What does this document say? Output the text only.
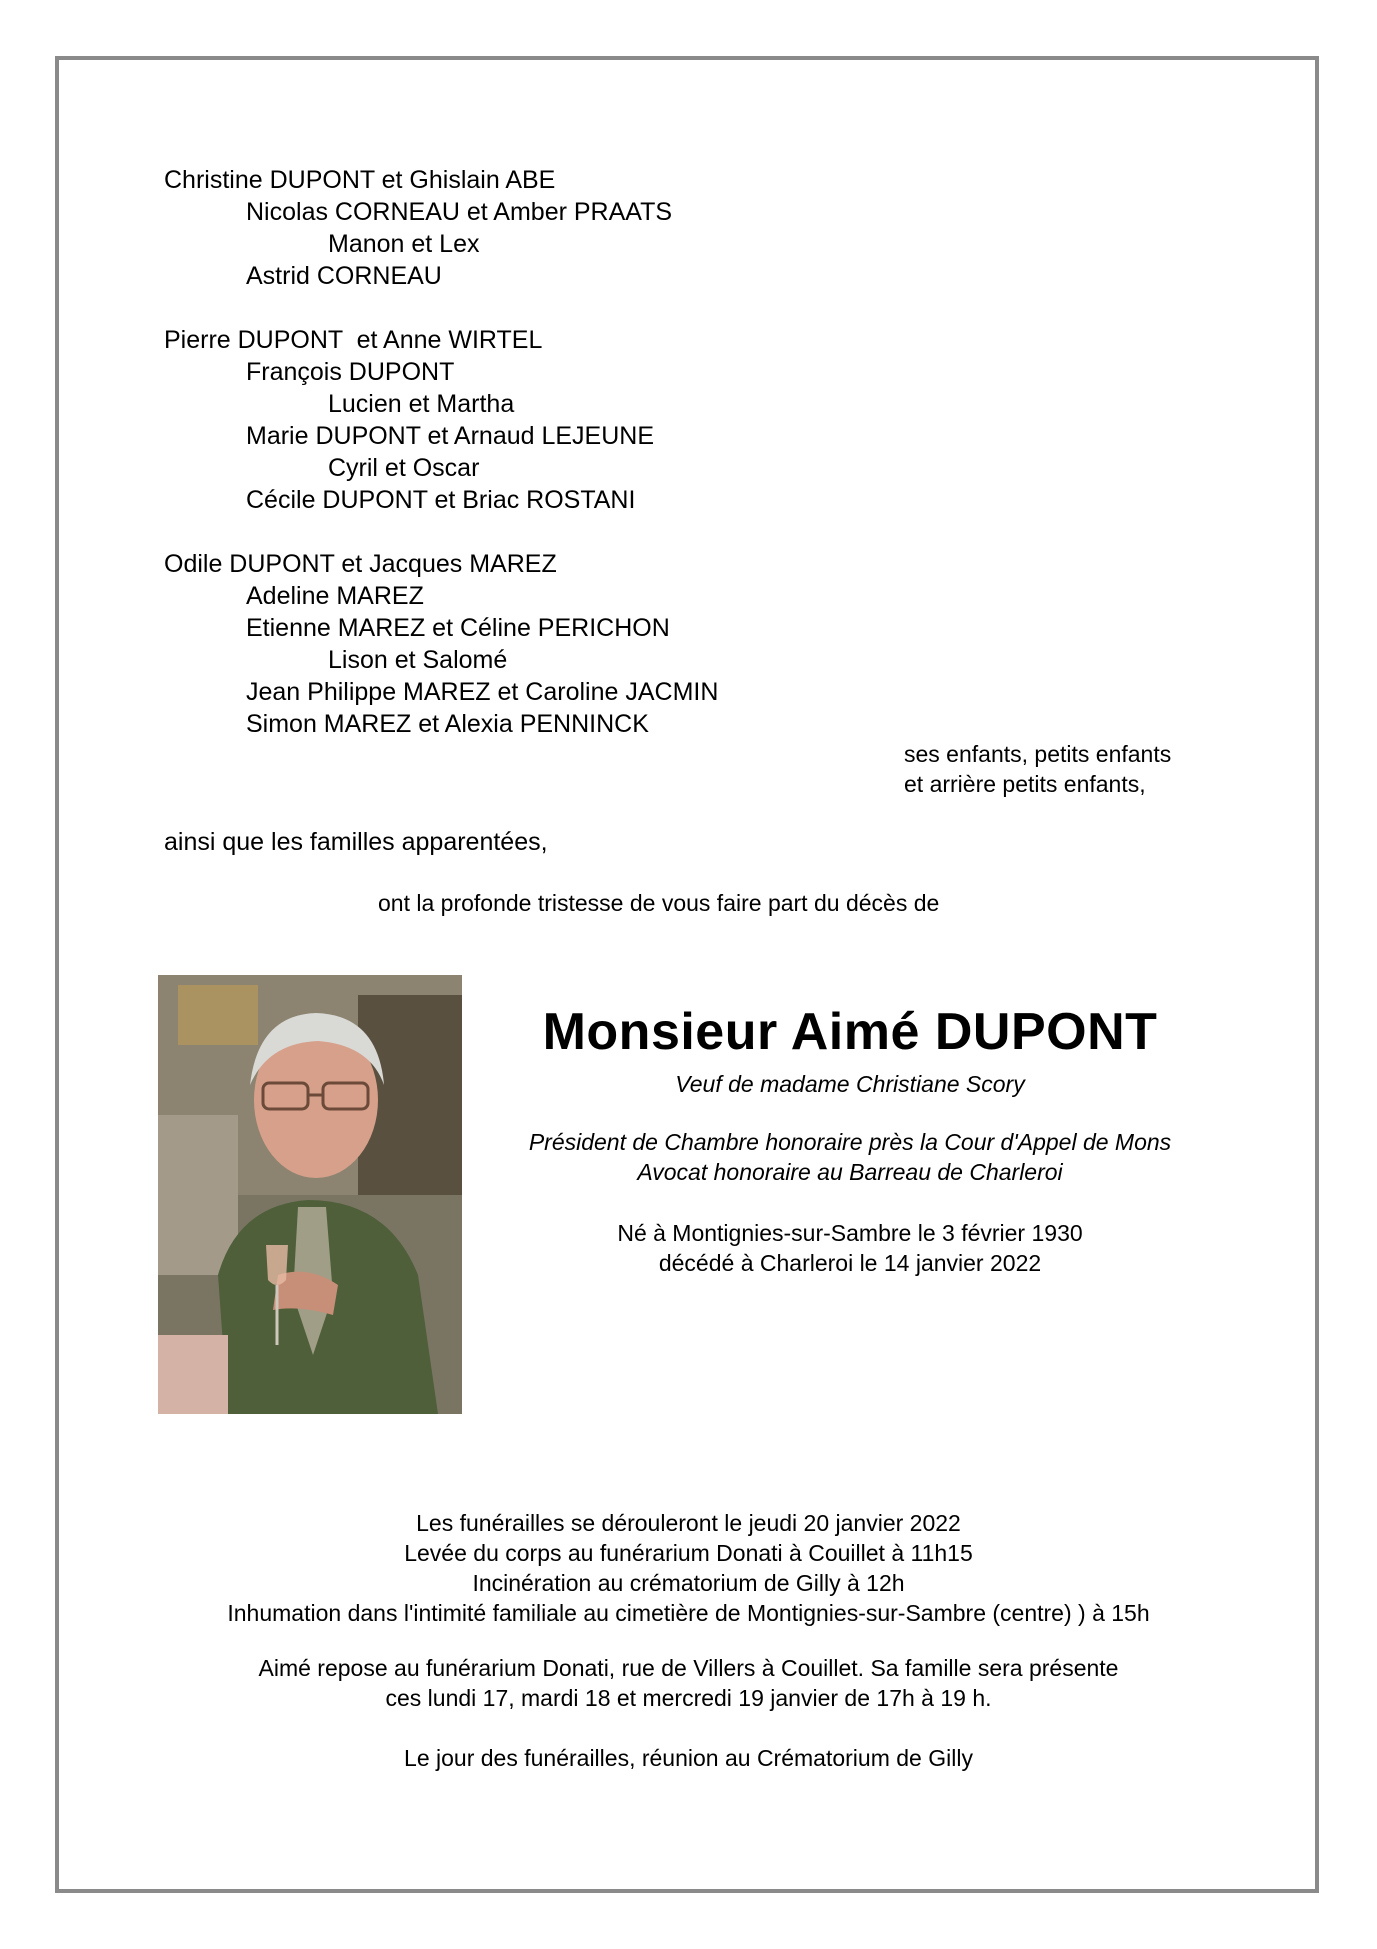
Christine DUPONT et Ghislain ABE
Nicolas CORNEAU et Amber PRAATS
Manon et Lex
Astrid CORNEAU
Pierre DUPONT  et Anne WIRTEL
François DUPONT
Lucien et Martha
Marie DUPONT et Arnaud LEJEUNE
Cyril et Oscar
Cécile DUPONT et Briac ROSTANI
Odile DUPONT et Jacques MAREZ
Adeline MAREZ
Etienne MAREZ et Céline PERICHON
Lison et Salomé
Jean Philippe MAREZ et Caroline JACMIN
Simon MAREZ et Alexia PENNINCK
ses enfants, petits enfants
et arrière petits enfants,
ainsi que les familles apparentées,
ont la profonde tristesse de vous faire part du décès de
Monsieur Aimé DUPONT
Veuf de madame Christiane Scory
Président de Chambre honoraire près la Cour d'Appel de Mons
Avocat honoraire au Barreau de Charleroi
Né à Montignies-sur-Sambre le 3 février 1930
décédé à Charleroi le 14 janvier 2022
Les funérailles se dérouleront le jeudi 20 janvier 2022
Levée du corps au funérarium Donati à Couillet à 11h15
Incinération au crématorium de Gilly à 12h
Inhumation dans l'intimité familiale au cimetière de Montignies-sur-Sambre (centre) ) à 15h
Aimé repose au funérarium Donati, rue de Villers à Couillet. Sa famille sera présente
ces lundi 17, mardi 18 et mercredi 19 janvier de 17h à 19 h.
Le jour des funérailles, réunion au Crématorium de Gilly
